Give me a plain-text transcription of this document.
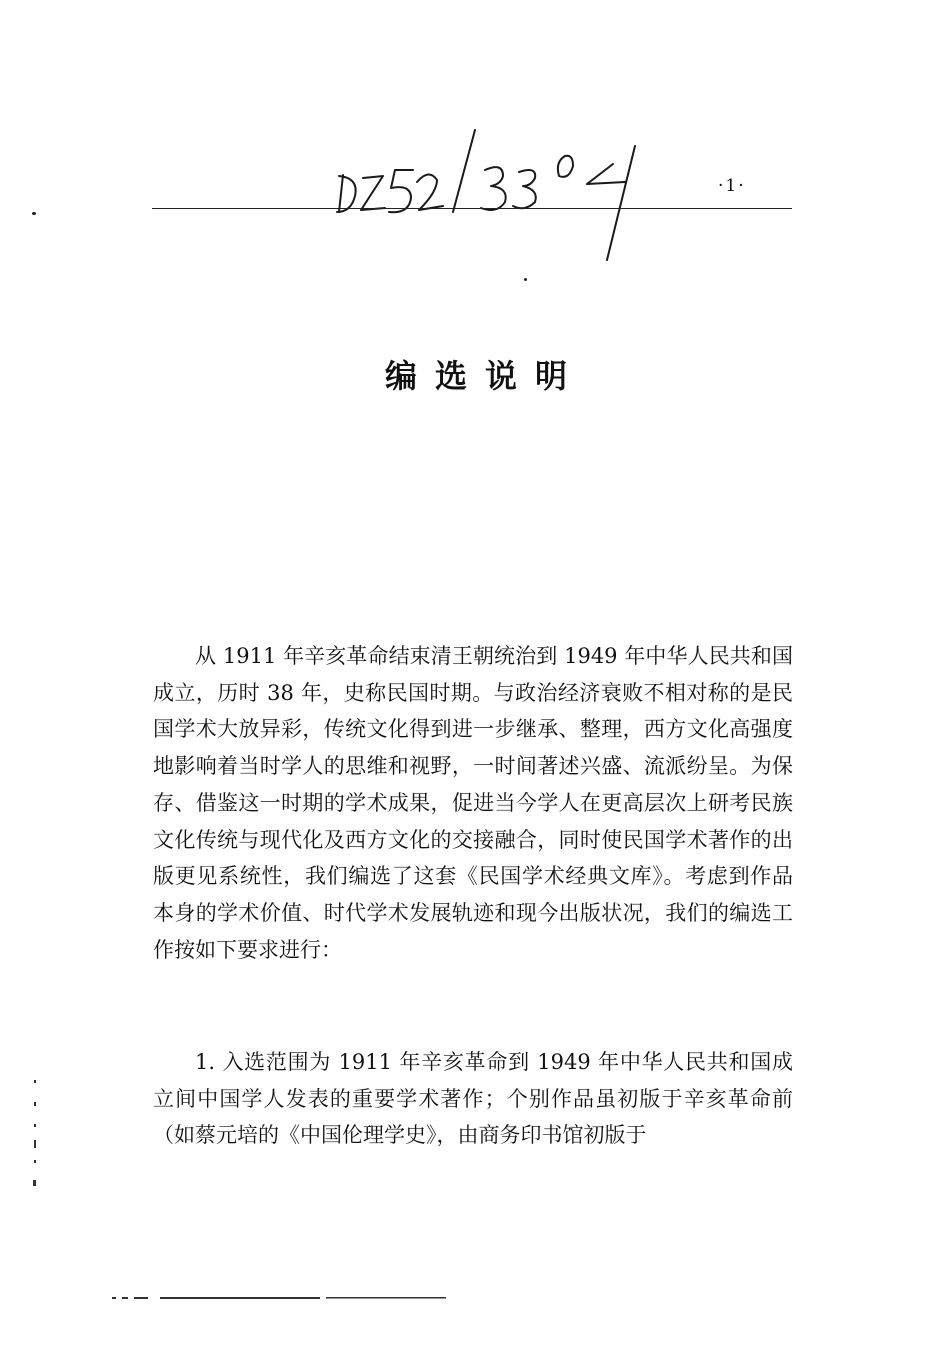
·1·
编选说明

从 1911 年辛亥革命结束清王朝统治到 1949 年中华人民共和国成立，历时 38 年，史称民国时期。与政治经济衰败不相对称的是民国学术大放异彩，传统文化得到进一步继承、整理，西方文化高强度地影响着当时学人的思维和视野，一时间著述兴盛、流派纷呈。为保存、借鉴这一时期的学术成果，促进当今学人在更高层次上研考民族文化传统与现代化及西方文化的交接融合，同时使民国学术著作的出版更见系统性，我们编选了这套《民国学术经典文库》。考虑到作品本身的学术价值、时代学术发展轨迹和现今出版状况，我们的编选工作按如下要求进行：

1. 入选范围为 1911 年辛亥革命到 1949 年中华人民共和国成立间中国学人发表的重要学术著作；个别作品虽初版于辛亥革命前（如蔡元培的《中国伦理学史》，由商务印书馆初版于
